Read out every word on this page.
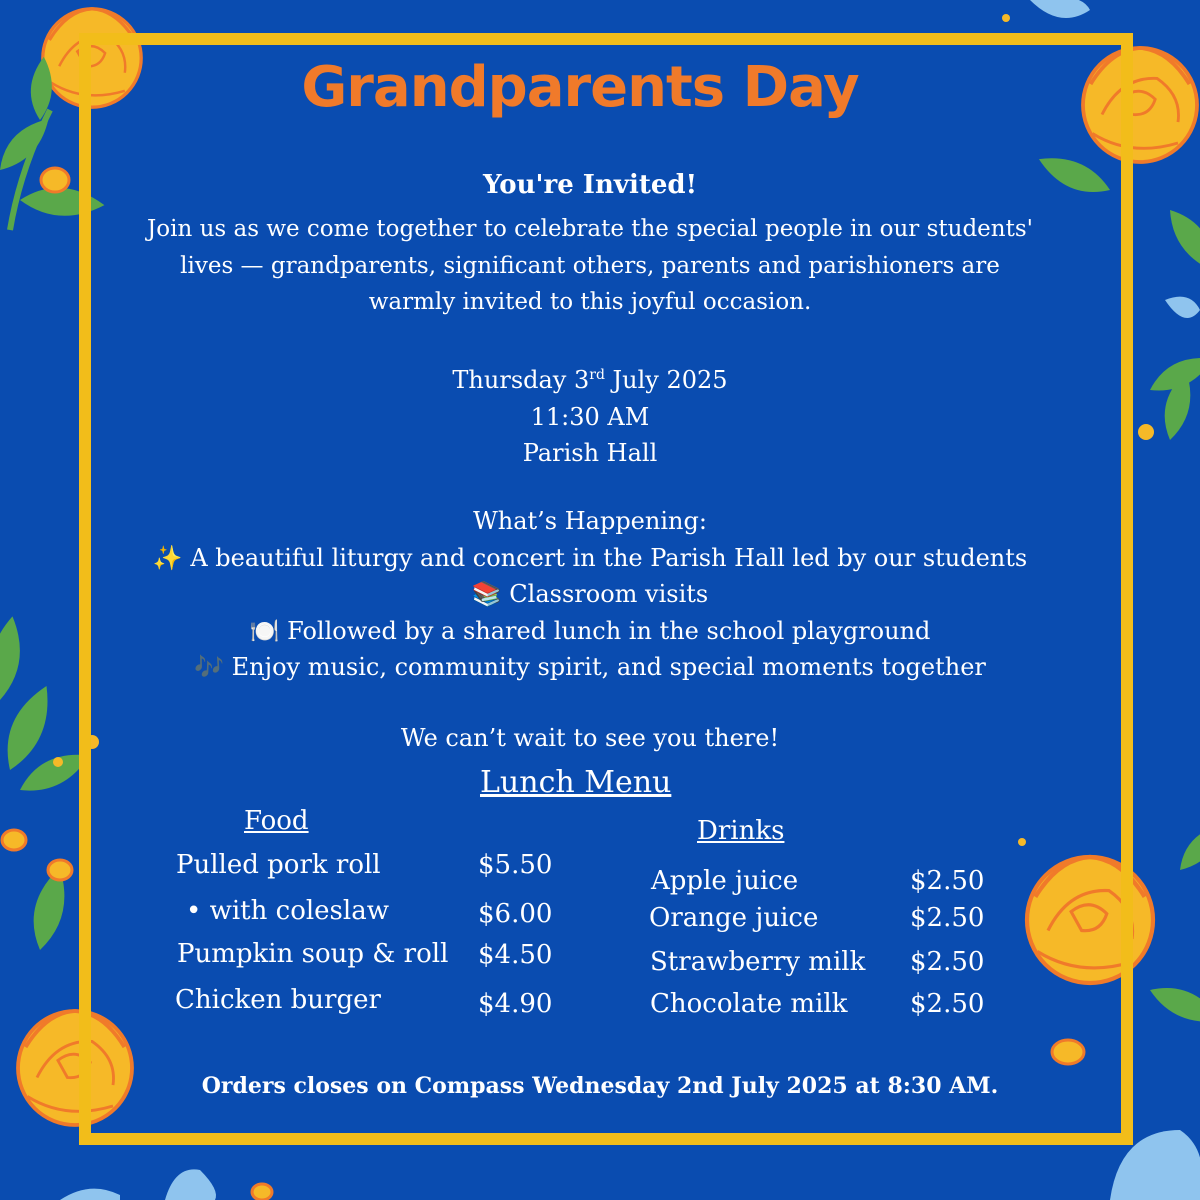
Grandparents Day
You're Invited!
Join us as we come together to celebrate the special people in our students'
lives — grandparents, significant others, parents and parishioners are
warmly invited to this joyful occasion.
Thursday 3rd July 2025
11:30 AM
Parish Hall
What’s Happening:
✨ A beautiful liturgy and concert in the Parish Hall led by our students
📚 Classroom visits
🍽️ Followed by a shared lunch in the school playground
🎶 Enjoy music, community spirit, and special moments together
We can’t wait to see you there!
Lunch Menu
Food	Drinks
Pulled pork roll	$5.50
• with coleslaw	$6.00
Pumpkin soup & roll $4.50
Chicken burger	$4.90
Apple juice	$2.50
Orange juice	$2.50
Strawberry milk $2.50
Chocolate milk $2.50
Orders closes on Compass Wednesday 2nd July 2025 at 8:30 AM.
